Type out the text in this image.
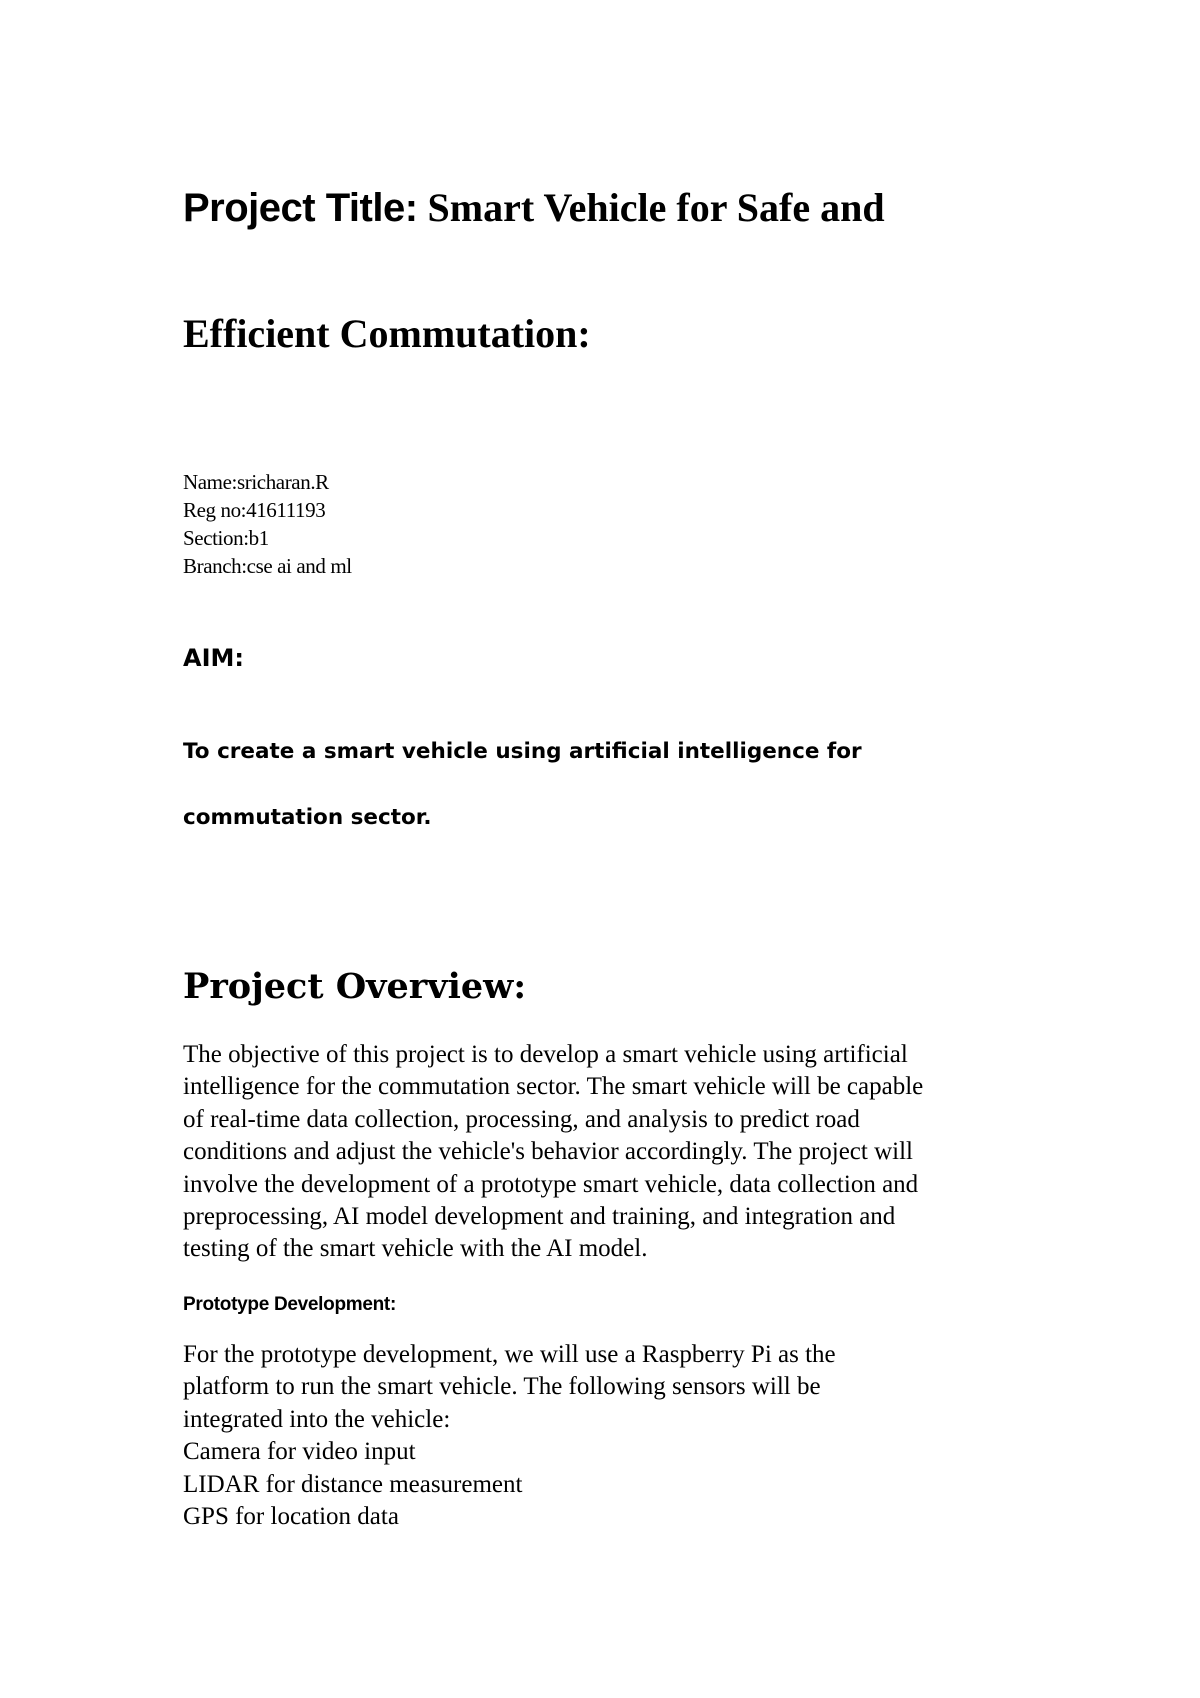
Project Title: Smart Vehicle for Safe and
Efficient Commutation:
Name:sricharan.R
Reg no:41611193
Section:b1
Branch:cse ai and ml
AIM:
To create a smart vehicle using artificial intelligence for
commutation sector.
Project Overview:
The objective of this project is to develop a smart vehicle using artificial
intelligence for the commutation sector. The smart vehicle will be capable
of real-time data collection, processing, and analysis to predict road
conditions and adjust the vehicle's behavior accordingly. The project will
involve the development of a prototype smart vehicle, data collection and
preprocessing, AI model development and training, and integration and
testing of the smart vehicle with the AI model.
Prototype Development:
For the prototype development, we will use a Raspberry Pi as the
platform to run the smart vehicle. The following sensors will be
integrated into the vehicle:
Camera for video input
LIDAR for distance measurement
GPS for location data
